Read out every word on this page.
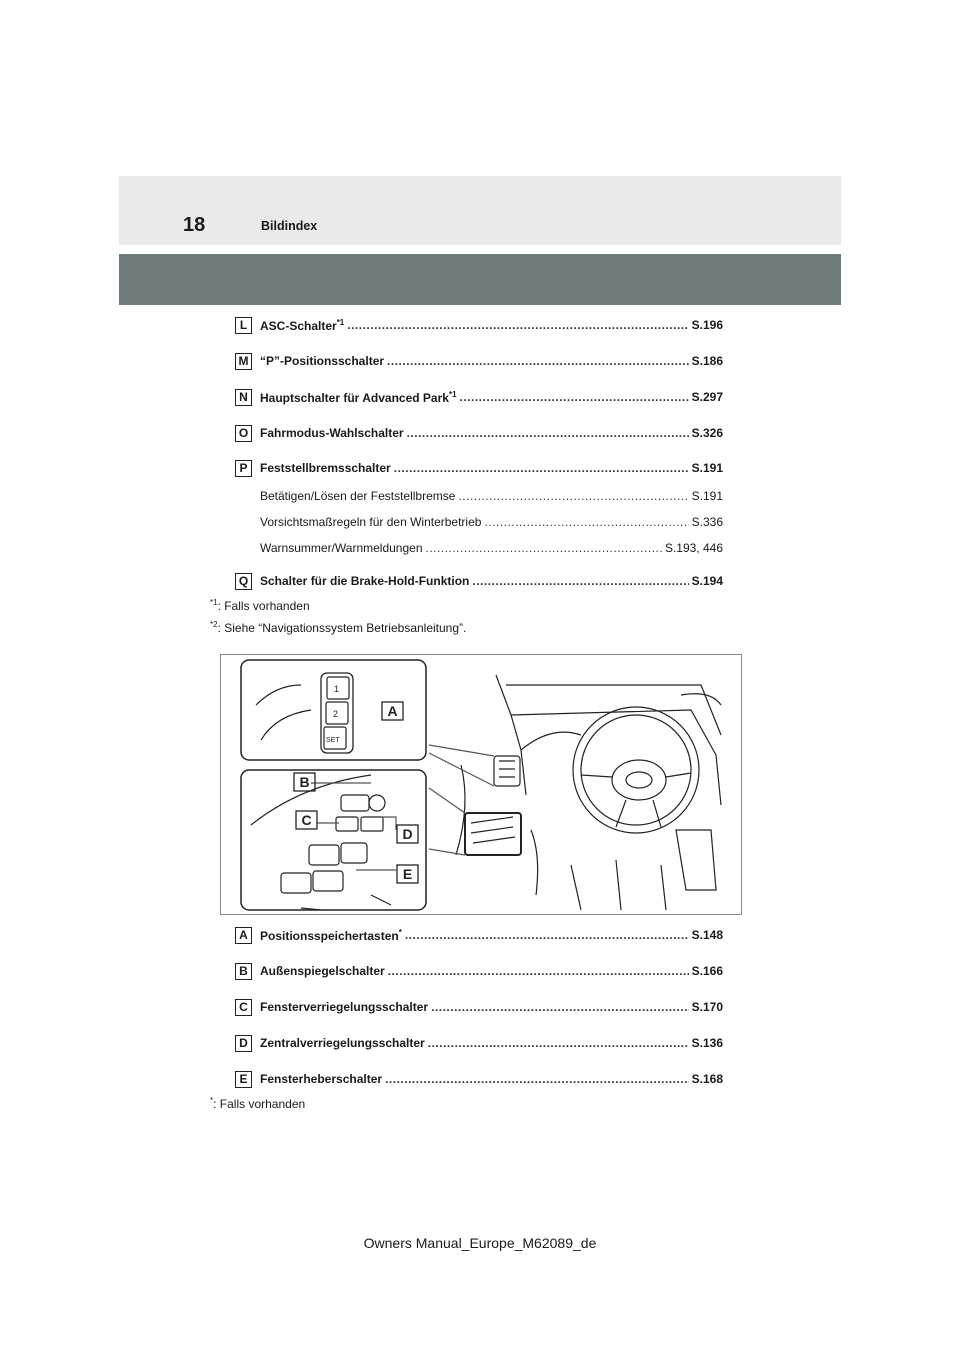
18	Bildindex
L	ASC-Schalter$^{*1}$ .....	S.196
M “P”-Positionsschalter .....	S.186
N	Hauptschalter für Advanced Park$^{*1}$ .....	S.297
O Fahrmodus-Wahlschalter .....	S.326
P	Feststellbremsschalter .....	S.191
Betätigen/Lösen der Feststellbremse .....	S.191
Vorsichtsmaßregeln für den Winterbetrieb .....	S.336
Warnsummer/Warnmeldungen .....	S.193, 446
Q Schalter für die Brake-Hold-Funktion .....	S.194
$^{*1}$: Falls vorhanden
$^{*2}$: Siehe “Navigationssystem Betriebsanleitung”.
1
2
SET
A
B
C
D
E
A	Positionsspeichertasten* .....	S.148
B	Außenspiegelschalter .....	S.166
C	Fensterverriegelungsschalter .....	S.170
D	Zentralverriegelungsschalter .....	S.136
E	Fensterheberschalter .....	S.168
*: Falls vorhanden
Owners Manual_Europe_M62089_de
